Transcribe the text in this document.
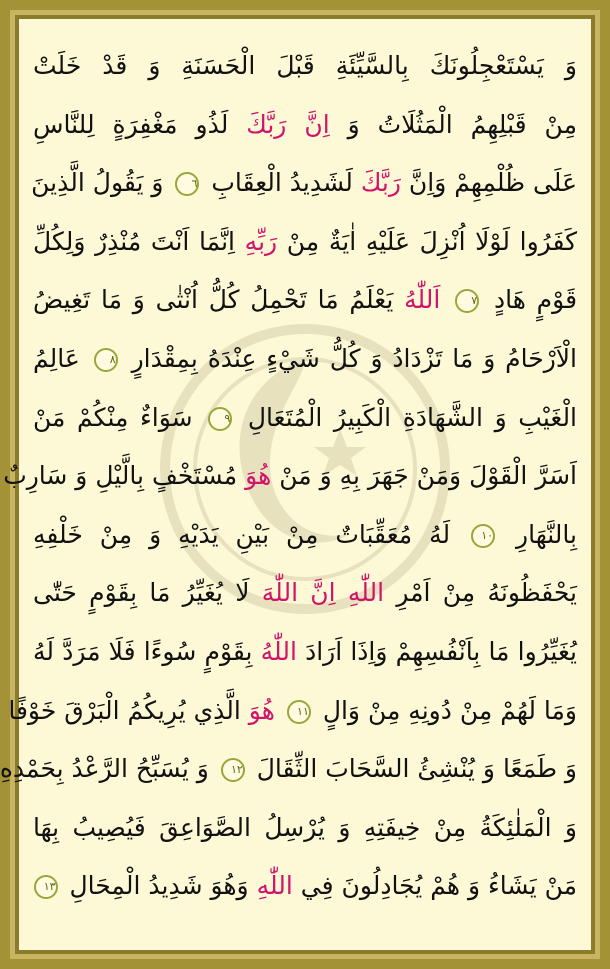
وَ يَسْتَعْجِلُونَكَ بِالسَّيِّئَةِ قَبْلَ الْحَسَنَةِ وَ قَدْ خَلَتْ
مِنْ قَبْلِهِمُ الْمَثُلَاتُ وَ اِنَّ رَبَّكَ لَذُو مَغْفِرَةٍ لِلنَّاسِ
عَلَى ظُلْمِهِمْ وَاِنَّ رَبَّكَ لَشَدِيدُ الْعِقَابِ ٦ وَ يَقُولُ الَّذِينَ
كَفَرُوا لَوْلَا اُنْزِلَ عَلَيْهِ اٰيَةٌ مِنْ رَبِّهِ اِنَّمَا اَنْتَ مُنْذِرٌ وَلِكُلِّ
قَوْمٍ هَادٍ ٧ اَللّٰهُ يَعْلَمُ مَا تَحْمِلُ كُلُّ اُنْثٰى وَ مَا تَغِيضُ
الْاَرْحَامُ وَ مَا تَزْدَادُ وَ كُلُّ شَيْءٍ عِنْدَهُ بِمِقْدَارٍ ٨ عَالِمُ
الْغَيْبِ وَ الشَّهَادَةِ الْكَبِيرُ الْمُتَعَالِ ٩ سَوَاءٌ مِنْكُمْ مَنْ
اَسَرَّ الْقَوْلَ وَمَنْ جَهَرَ بِهِ وَ مَنْ هُوَ مُسْتَخْفٍ بِالَّيْلِ وَ سَارِبٌ
بِالنَّهَارِ ١٠ لَهُ مُعَقِّبَاتٌ مِنْ بَيْنِ يَدَيْهِ وَ مِنْ خَلْفِهِ
يَحْفَظُونَهُ مِنْ اَمْرِ اللّٰهِ اِنَّ اللّٰهَ لَا يُغَيِّرُ مَا بِقَوْمٍ حَتّٰى
يُغَيِّرُوا مَا بِاَنْفُسِهِمْ وَاِذَا اَرَادَ اللّٰهُ بِقَوْمٍ سُوءًا فَلَا مَرَدَّ لَهُ
وَمَا لَهُمْ مِنْ دُونِهِ مِنْ وَالٍ ١١ هُوَ الَّذِي يُرِيكُمُ الْبَرْقَ خَوْفًا
وَ طَمَعًا وَ يُنْشِئُ السَّحَابَ الثِّقَالَ ١٢ وَ يُسَبِّحُ الرَّعْدُ بِحَمْدِهِ
وَ الْمَلٰئِكَةُ مِنْ خِيفَتِهِ وَ يُرْسِلُ الصَّوَاعِقَ فَيُصِيبُ بِهَا
مَنْ يَشَاءُ وَ هُمْ يُجَادِلُونَ فِي اللّٰهِ وَهُوَ شَدِيدُ الْمِحَالِ ١٣
